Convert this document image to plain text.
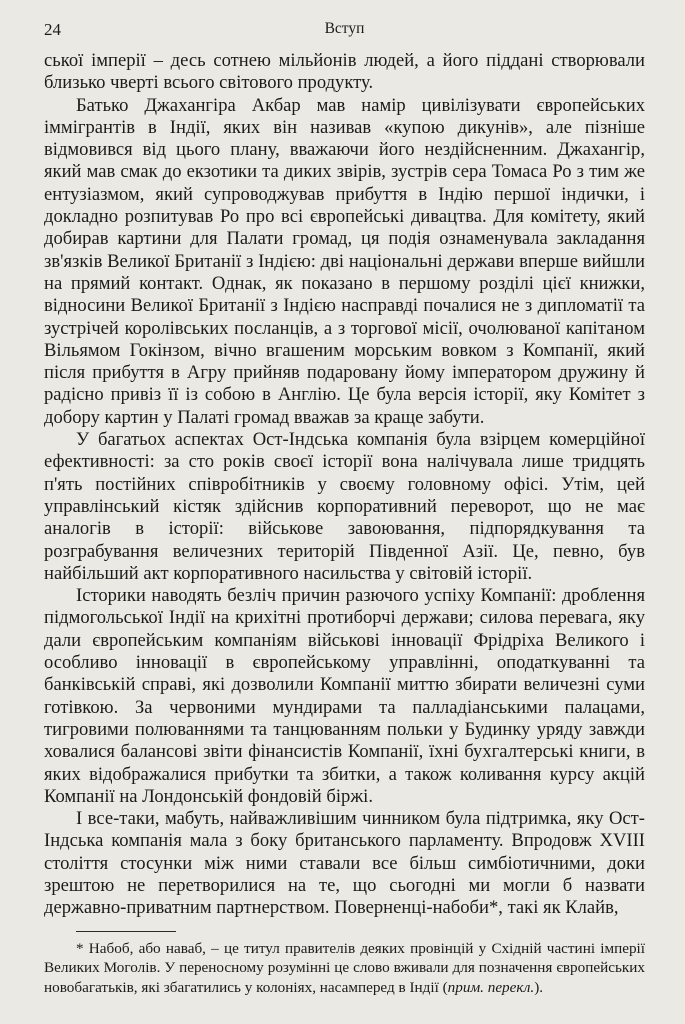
24	Вступ

ської імперії – десь сотнею мільйонів людей, а його піддані створювали близько чверті всього світового продукту.

Батько Джахангіра Акбар мав намір цивілізувати європейських іммігрантів в Індії, яких він називав «купою дикунів», але пізніше відмовився від цього плану, вважаючи його нездійсненним. Джахангір, який мав смак до екзотики та диких звірів, зустрів сера Томаса Ро з тим же ентузіазмом, який супроводжував прибуття в Індію першої індички, і докладно розпитував Ро про всі європейські дивацтва. Для комітету, який добирав картини для Палати громад, ця подія ознаменувала закладання зв'язків Великої Британії з Індією: дві національні держави вперше вийшли на прямий контакт. Однак, як показано в першому розділі цієї книжки, відносини Великої Британії з Індією насправді почалися не з дипломатії та зустрічей королівських посланців, а з торгової місії, очолюваної капітаном Вільямом Гокінзом, вічно вгашеним морським вовком з Компанії, який після прибуття в Агру прийняв подаровану йому імператором дружину й радісно привіз її із собою в Англію. Це була версія історії, яку Комітет з добору картин у Палаті громад вважав за краще забути.

У багатьох аспектах Ост-Індська компанія була взірцем комерційної ефективності: за сто років своєї історії вона налічувала лише тридцять п'ять постійних співробітників у своєму головному офісі. Утім, цей управлінський кістяк здійснив корпоративний переворот, що не має аналогів в історії: військове завоювання, підпорядкування та розграбування величезних територій Південної Азії. Це, певно, був найбільший акт корпоративного насильства у світовій історії.

Історики наводять безліч причин разючого успіху Компанії: дроблення підмогольської Індії на крихітні протиборчі держави; силова перевага, яку дали європейським компаніям військові інновації Фрідріха Великого і особливо інновації в європейському управлінні, оподаткуванні та банківській справі, які дозволили Компанії миттю збирати величезні суми готівкою. За червоними мундирами та палладіанськими палацами, тигровими полюваннями та танцюванням польки у Будинку уряду завжди ховалися балансові звіти фінансистів Компанії, їхні бухгалтерські книги, в яких відображалися прибутки та збитки, а також коливання курсу акцій Компанії на Лондонській фондовій біржі.

І все-таки, мабуть, найважливішим чинником була підтримка, яку Ост-Індська компанія мала з боку британського парламенту. Впродовж XVIII століття стосунки між ними ставали все більш симбіотичними, доки зрештою не перетворилися на те, що сьогодні ми могли б назвати державно-приватним партнерством. Поверненці-набоби*, такі як Клайв,

* Набоб, або наваб, – це титул правителів деяких провінцій у Східній частині імперії Великих Моголів. У переносному розумінні це слово вживали для позначення європейських новобагатьків, які збагатились у колоніях, насамперед в Індії (прим. перекл.).
